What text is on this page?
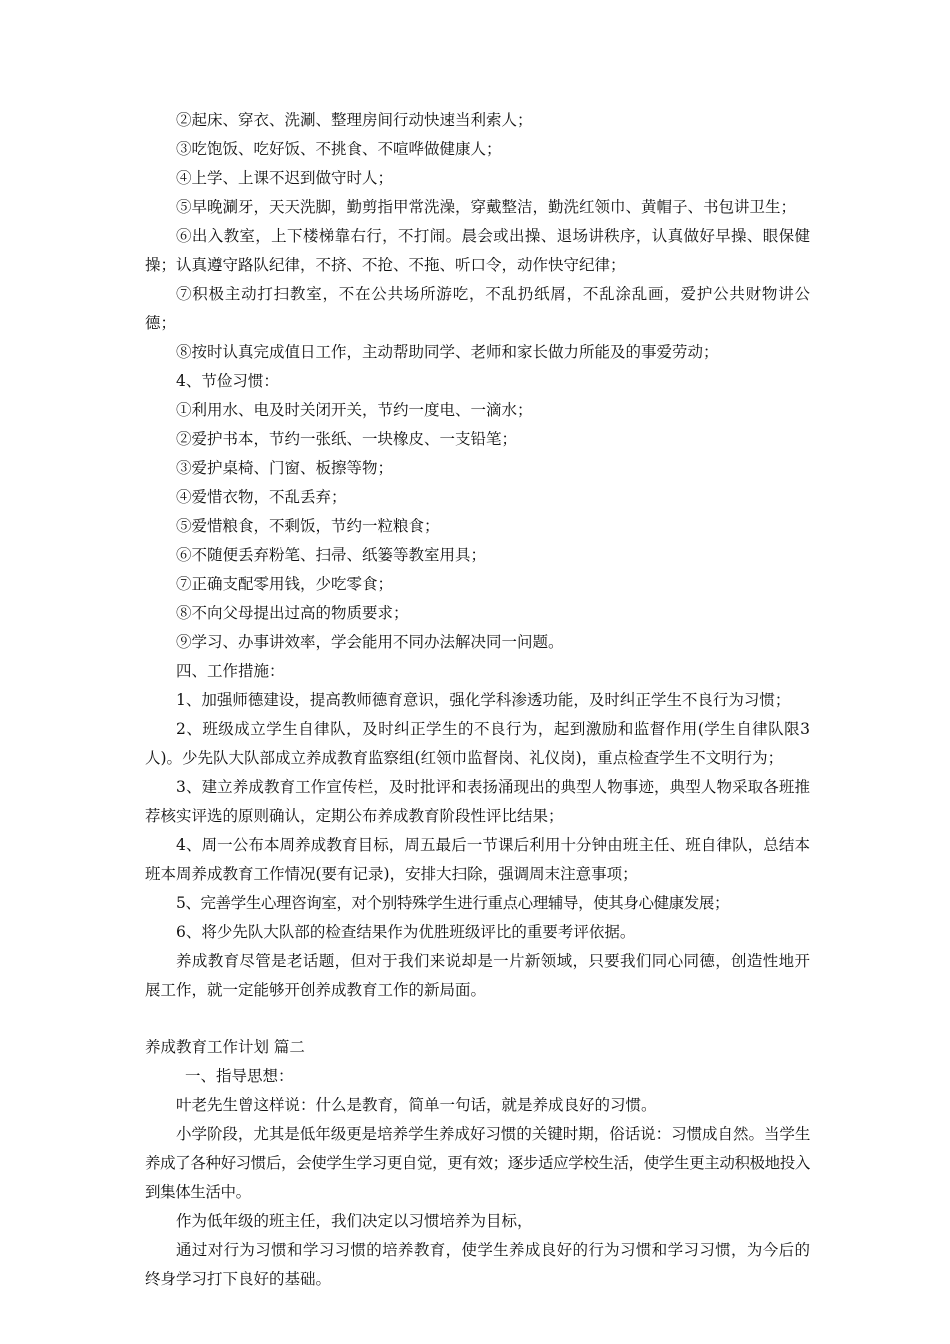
②起床、穿衣、洗涮、整理房间行动快速当利索人；

③吃饱饭、吃好饭、不挑食、不喧哗做健康人；

④上学、上课不迟到做守时人；

⑤早晚涮牙，天天洗脚，勤剪指甲常洗澡，穿戴整洁，勤洗红领巾、黄帽子、书包讲卫生；

⑥出入教室，上下楼梯靠右行，不打闹。晨会或出操、退场讲秩序，认真做好早操、眼保健操；认真遵守路队纪律，不挤、不抢、不拖、听口令，动作快守纪律；

⑦积极主动打扫教室，不在公共场所游吃，不乱扔纸屑，不乱涂乱画，爱护公共财物讲公德；

⑧按时认真完成值日工作，主动帮助同学、老师和家长做力所能及的事爱劳动；

4、节俭习惯：

①利用水、电及时关闭开关，节约一度电、一滴水；

②爱护书本，节约一张纸、一块橡皮、一支铅笔；

③爱护桌椅、门窗、板擦等物；

④爱惜衣物，不乱丢弃；

⑤爱惜粮食，不剩饭，节约一粒粮食；

⑥不随便丢弃粉笔、扫帚、纸篓等教室用具；

⑦正确支配零用钱，少吃零食；

⑧不向父母提出过高的物质要求；

⑨学习、办事讲效率，学会能用不同办法解决同一问题。

四、工作措施：

1、加强师德建设，提高教师德育意识，强化学科渗透功能，及时纠正学生不良行为习惯；

2、班级成立学生自律队，及时纠正学生的不良行为，起到激励和监督作用(学生自律队限3人)。少先队大队部成立养成教育监察组(红领巾监督岗、礼仪岗)，重点检查学生不文明行为；

3、建立养成教育工作宣传栏，及时批评和表扬涌现出的典型人物事迹，典型人物采取各班推荐核实评选的原则确认，定期公布养成教育阶段性评比结果；

4、周一公布本周养成教育目标，周五最后一节课后利用十分钟由班主任、班自律队，总结本班本周养成教育工作情况(要有记录)，安排大扫除，强调周末注意事项；

5、完善学生心理咨询室，对个别特殊学生进行重点心理辅导，使其身心健康发展；

6、将少先队大队部的检查结果作为优胜班级评比的重要考评依据。

养成教育尽管是老话题，但对于我们来说却是一片新领域，只要我们同心同德，创造性地开展工作，就一定能够开创养成教育工作的新局面。

养成教育工作计划 篇二

一、指导思想：

叶老先生曾这样说：什么是教育，简单一句话，就是养成良好的习惯。

小学阶段，尤其是低年级更是培养学生养成好习惯的关键时期，俗话说：习惯成自然。当学生养成了各种好习惯后，会使学生学习更自觉，更有效；逐步适应学校生活，使学生更主动积极地投入到集体生活中。

作为低年级的班主任，我们决定以习惯培养为目标，

通过对行为习惯和学习习惯的培养教育，使学生养成良好的行为习惯和学习习惯，为今后的终身学习打下良好的基础。
